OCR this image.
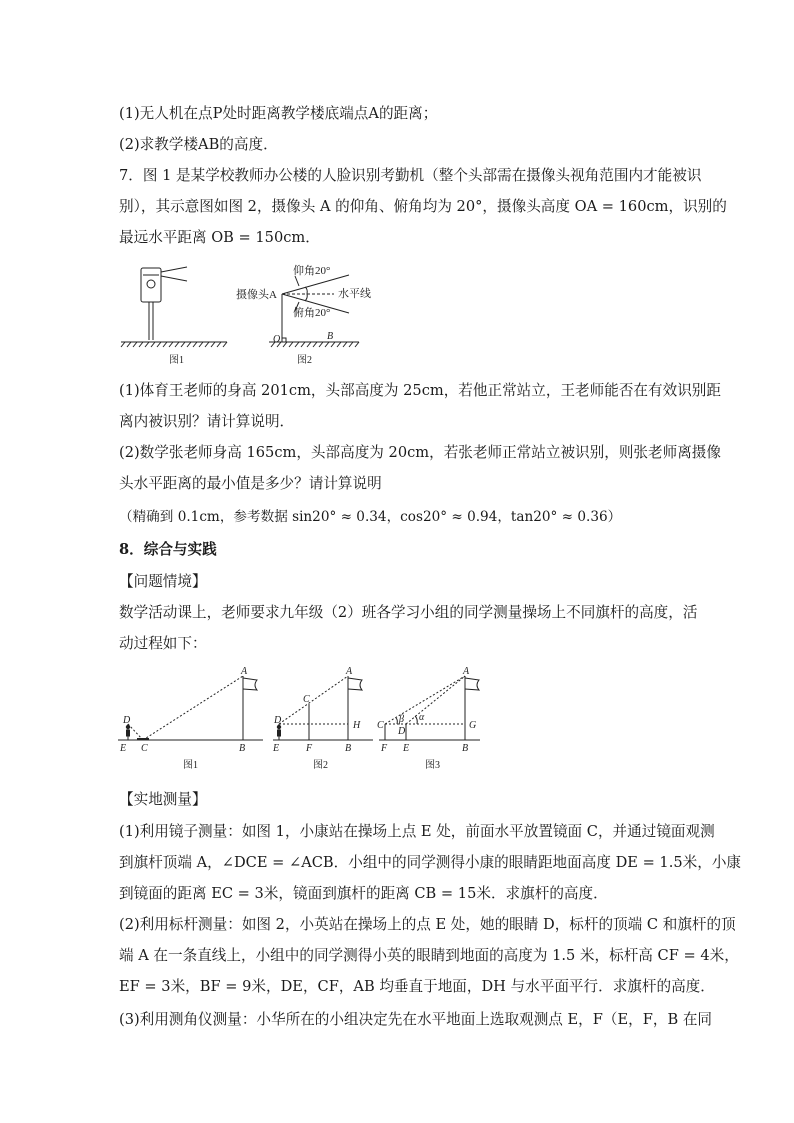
(1)无人机在点P处时距离教学楼底端点A的距离；
(2)求教学楼AB的高度．
7．图 1 是某学校教师办公楼的人脸识别考勤机（整个头部需在摄像头视角范围内才能被识
别），其示意图如图 2，摄像头 A 的仰角、俯角均为 20°，摄像头高度 OA = 160cm，识别的
最远水平距离 OB = 150cm．
图1
摄像头A
仰角20°
俯角20°
水平线
O	B
图2
(1)体育王老师的身高 201cm，头部高度为 25cm，若他正常站立，王老师能否在有效识别距
离内被识别？请计算说明．
(2)数学张老师身高 165cm，头部高度为 20cm，若张老师正常站立被识别，则张老师离摄像
头水平距离的最小值是多少？请计算说明
（精确到 0.1cm，参考数据 sin20° ≈ 0.34，cos20° ≈ 0.94，tan20° ≈ 0.36）
8．综合与实践
【问题情境】
数学活动课上，老师要求九年级（2）班各学习小组的同学测量操场上不同旗杆的高度，活
动过程如下：
A
D
E C	B
图1
A
C
D	H
E	F	B
图2
A
C
D
β α
G
F E	B
图3
【实地测量】
(1)利用镜子测量：如图 1，小康站在操场上点 E 处，前面水平放置镜面 C，并通过镜面观测
到旗杆顶端 A，∠DCE = ∠ACB．小组中的同学测得小康的眼睛距地面高度 DE = 1.5米，小康
到镜面的距离 EC = 3米，镜面到旗杆的距离 CB = 15米．求旗杆的高度．
(2)利用标杆测量：如图 2，小英站在操场上的点 E 处，她的眼睛 D，标杆的顶端 C 和旗杆的顶
端 A 在一条直线上，小组中的同学测得小英的眼睛到地面的高度为 1.5 米，标杆高 CF = 4米，
EF = 3米，BF = 9米，DE，CF，AB 均垂直于地面，DH 与水平面平行．求旗杆的高度．
(3)利用测角仪测量：小华所在的小组决定先在水平地面上选取观测点 E，F（E，F，B 在同
